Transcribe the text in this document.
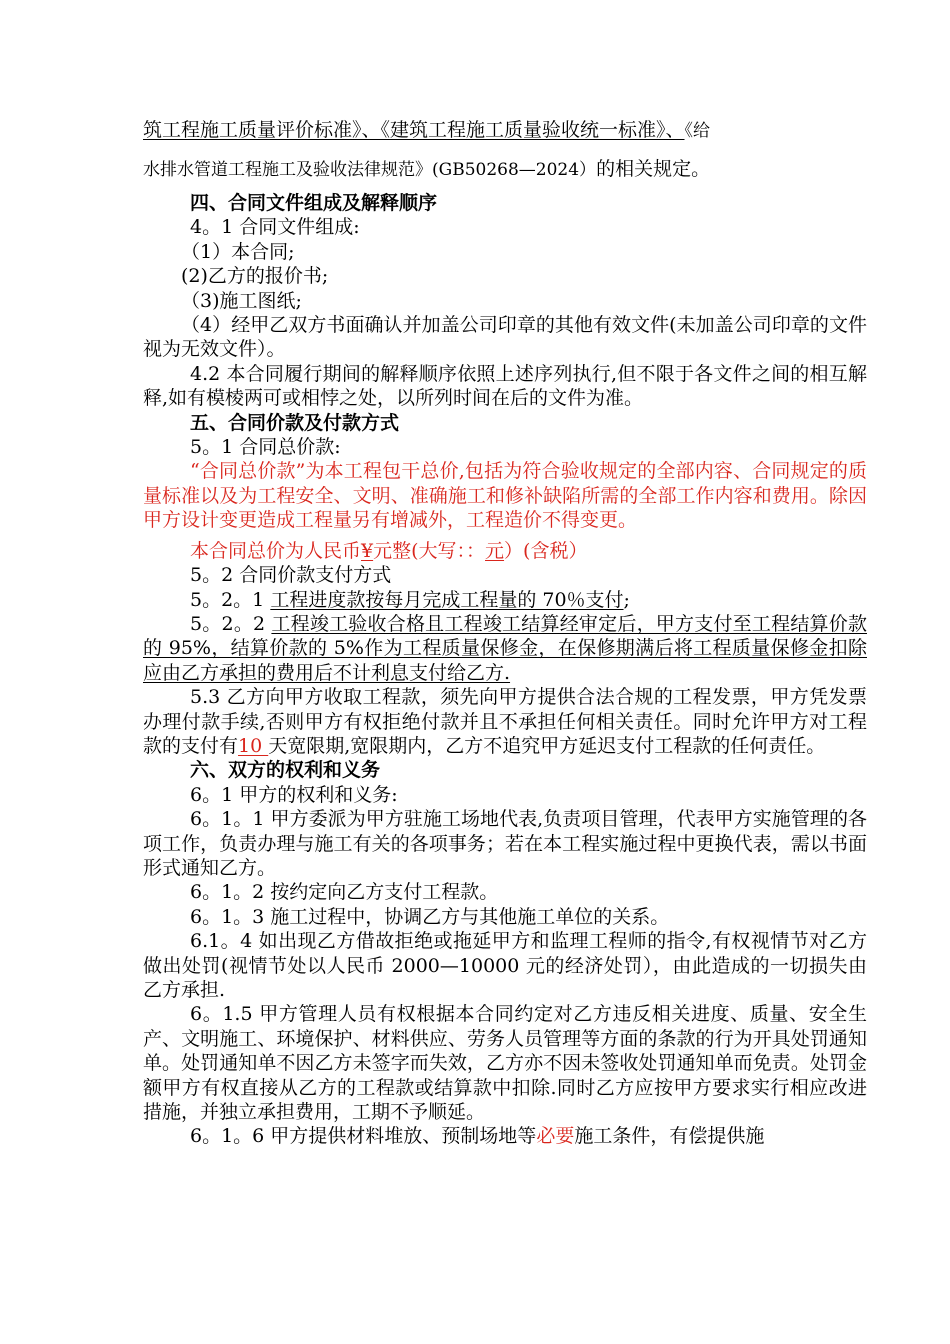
筑工程施工质量评价标准》、《建筑工程施工质量验收统一标准》、《给

水排水管道工程施工及验收法律规范》(GB50268—2024）的相关规定。

四、合同文件组成及解释顺序

4。1 合同文件组成:

（1）本合同;

(2)乙方的报价书;

（3)施工图纸;

（4）经甲乙双方书面确认并加盖公司印章的其他有效文件(未加盖公司印章的文件视为无效文件）。

4.2 本合同履行期间的解释顺序依照上述序列执行,但不限于各文件之间的相互解释,如有模棱两可或相悖之处，以所列时间在后的文件为准。

五、合同价款及付款方式

5。1 合同总价款:

“合同总价款”为本工程包干总价,包括为符合验收规定的全部内容、合同规定的质量标准以及为工程安全、文明、准确施工和修补缺陷所需的全部工作内容和费用。除因甲方设计变更造成工程量另有增减外，工程造价不得变更。

本合同总价为人民币¥元整(大写：：元）(含税）

5。2 合同价款支付方式

5。2。1 工程进度款按每月完成工程量的 70％支付;

5。2。2 工程竣工验收合格且工程竣工结算经审定后，甲方支付至工程结算价款的 95%，结算价款的 5%作为工程质量保修金，在保修期满后将工程质量保修金扣除应由乙方承担的费用后不计利息支付给乙方.

5.3 乙方向甲方收取工程款，须先向甲方提供合法合规的工程发票，甲方凭发票办理付款手续,否则甲方有权拒绝付款并且不承担任何相关责任。同时允许甲方对工程款的支付有10 天宽限期,宽限期内，乙方不追究甲方延迟支付工程款的任何责任。

六、双方的权利和义务

6。1 甲方的权利和义务:

6。1。1 甲方委派为甲方驻施工场地代表,负责项目管理，代表甲方实施管理的各项工作，负责办理与施工有关的各项事务；若在本工程实施过程中更换代表，需以书面形式通知乙方。

6。1。2 按约定向乙方支付工程款。

6。1。3 施工过程中，协调乙方与其他施工单位的关系。

6.1。4 如出现乙方借故拒绝或拖延甲方和监理工程师的指令,有权视情节对乙方做出处罚(视情节处以人民币 2000—10000 元的经济处罚），由此造成的一切损失由乙方承担.

6。1.5 甲方管理人员有权根据本合同约定对乙方违反相关进度、质量、安全生产、文明施工、环境保护、材料供应、劳务人员管理等方面的条款的行为开具处罚通知单。处罚通知单不因乙方未签字而失效，乙方亦不因未签收处罚通知单而免责。处罚金额甲方有权直接从乙方的工程款或结算款中扣除.同时乙方应按甲方要求实行相应改进措施，并独立承担费用，工期不予顺延。

6。1。6 甲方提供材料堆放、预制场地等必要施工条件，有偿提供施
